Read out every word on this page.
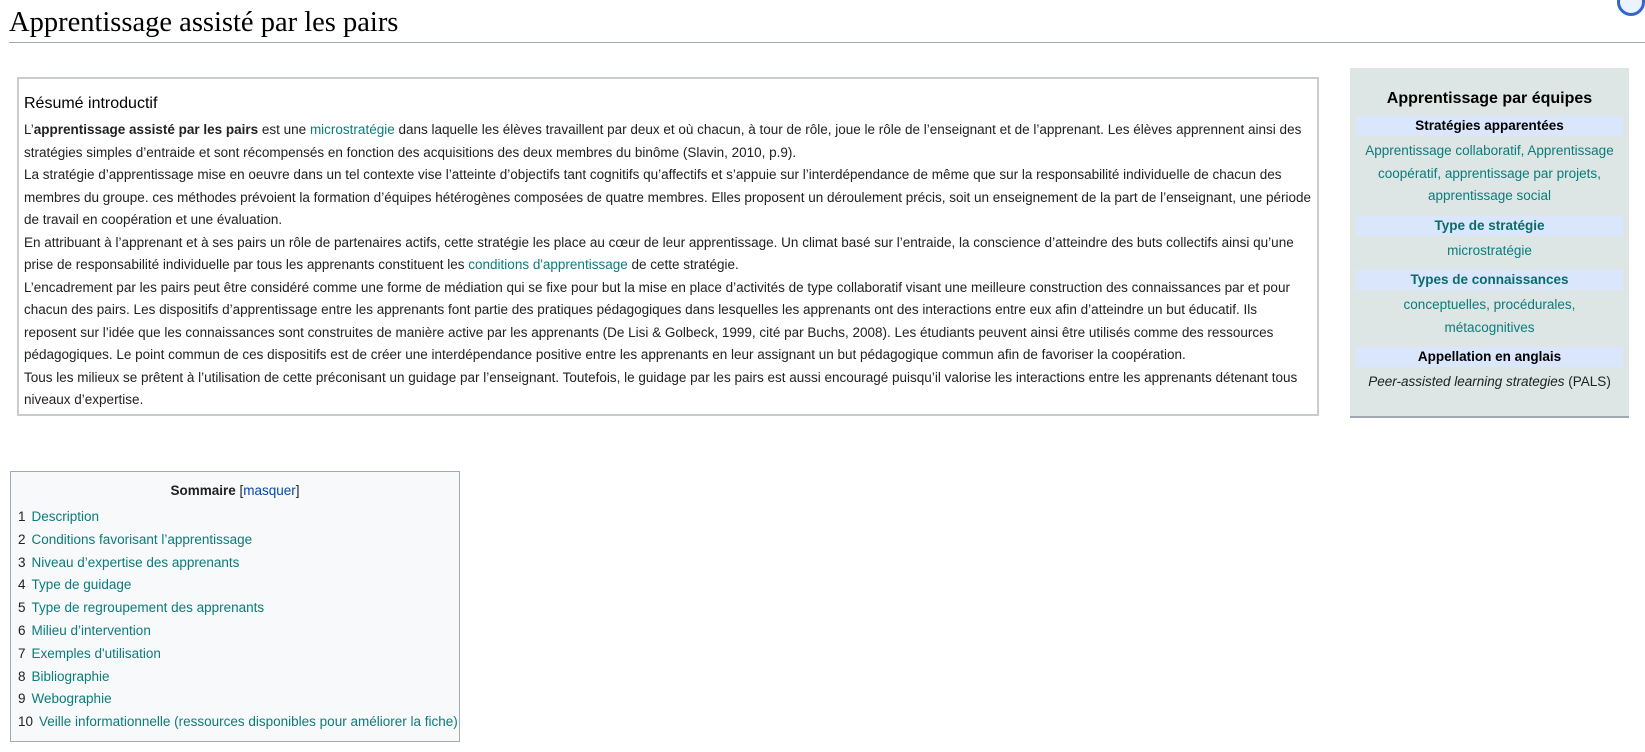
Apprentissage assisté par les pairs
Résumé introductif

L’apprentissage assisté par les pairs est une microstratégie dans laquelle les élèves travaillent par deux et où chacun, à tour de rôle, joue le rôle de l’enseignant et de l’apprenant. Les élèves apprennent ainsi des stratégies simples d’entraide et sont récompensés en fonction des acquisitions des deux membres du binôme (Slavin, 2010, p.9).

La stratégie d’apprentissage mise en oeuvre dans un tel contexte vise l’atteinte d’objectifs tant cognitifs qu’affectifs et s’appuie sur l’interdépendance de même que sur la responsabilité individuelle de chacun des membres du groupe. ces méthodes prévoient la formation d’équipes hétérogènes composées de quatre membres. Elles proposent un déroulement précis, soit un enseignement de la part de l’enseignant, une période de travail en coopération et une évaluation.

En attribuant à l’apprenant et à ses pairs un rôle de partenaires actifs, cette stratégie les place au cœur de leur apprentissage. Un climat basé sur l’entraide, la conscience d’atteindre des buts collectifs ainsi qu’une prise de responsabilité individuelle par tous les apprenants constituent les conditions d'apprentissage de cette stratégie.

L’encadrement par les pairs peut être considéré comme une forme de médiation qui se fixe pour but la mise en place d’activités de type collaboratif visant une meilleure construction des connaissances par et pour chacun des pairs. Les dispositifs d’apprentissage entre les apprenants font partie des pratiques pédagogiques dans lesquelles les apprenants ont des interactions entre eux afin d’atteindre un but éducatif. Ils reposent sur l’idée que les connaissances sont construites de manière active par les apprenants (De Lisi & Golbeck, 1999, cité par Buchs, 2008). Les étudiants peuvent ainsi être utilisés comme des ressources pédagogiques. Le point commun de ces dispositifs est de créer une interdépendance positive entre les apprenants en leur assignant un but pédagogique commun afin de favoriser la coopération.

Tous les milieux se prêtent à l’utilisation de cette préconisant un guidage par l’enseignant. Toutefois, le guidage par les pairs est aussi encouragé puisqu’il valorise les interactions entre les apprenants détenant tous niveaux d’expertise.

Apprentissage par équipes
Stratégies apparentées
Apprentissage collaboratif, Apprentissage coopératif, apprentissage par projets, apprentissage social
Type de stratégie
microstratégie
Types de connaissances
conceptuelles, procédurales, métacognitives
Appellation en anglais
Peer-assisted learning strategies (PALS)
Sommaire [masquer]
1 Description
2 Conditions favorisant l’apprentissage
3 Niveau d’expertise des apprenants
4 Type de guidage
5 Type de regroupement des apprenants
6 Milieu d’intervention
7 Exemples d'utilisation
8 Bibliographie
9 Webographie
10 Veille informationnelle (ressources disponibles pour améliorer la fiche)
